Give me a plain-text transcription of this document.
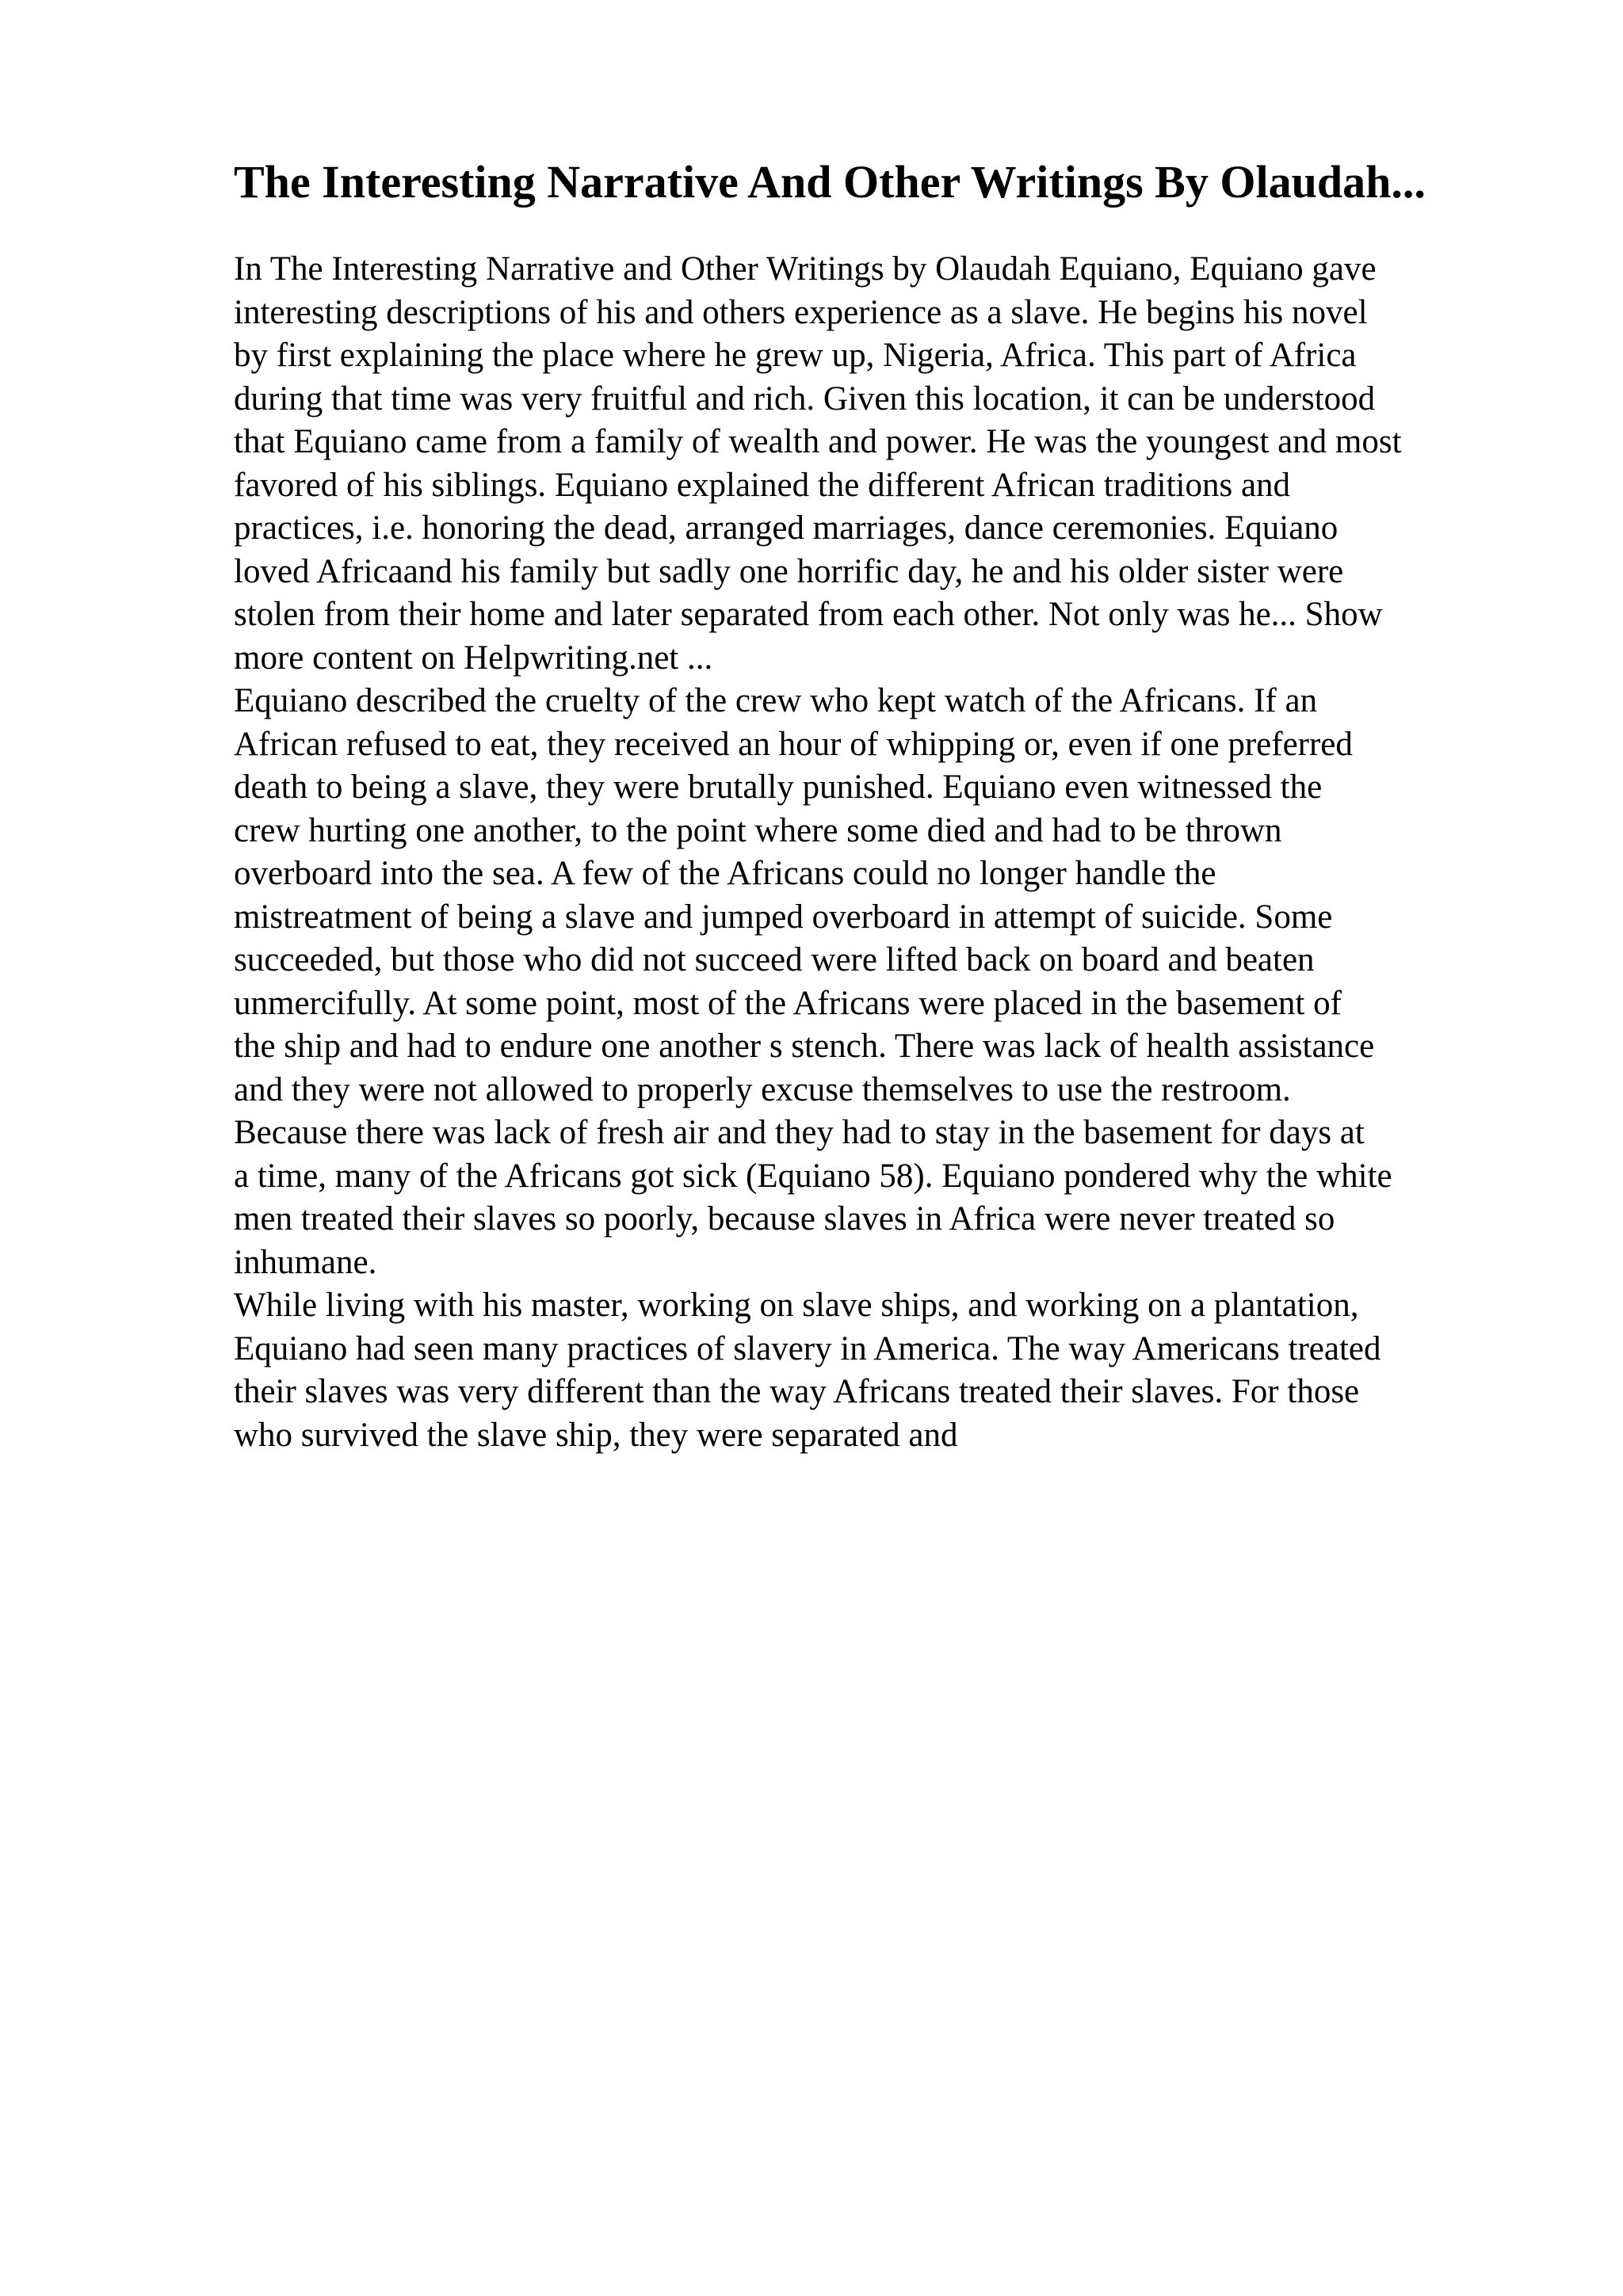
The Interesting Narrative And Other Writings By Olaudah...

In The Interesting Narrative and Other Writings by Olaudah Equiano, Equiano gave
interesting descriptions of his and others experience as a slave. He begins his novel
by first explaining the place where he grew up, Nigeria, Africa. This part of Africa
during that time was very fruitful and rich. Given this location, it can be understood
that Equiano came from a family of wealth and power. He was the youngest and most
favored of his siblings. Equiano explained the different African traditions and
practices, i.e. honoring the dead, arranged marriages, dance ceremonies. Equiano
loved Africaand his family but sadly one horrific day, he and his older sister were
stolen from their home and later separated from each other. Not only was he... Show
more content on Helpwriting.net ...

Equiano described the cruelty of the crew who kept watch of the Africans. If an
African refused to eat, they received an hour of whipping or, even if one preferred
death to being a slave, they were brutally punished. Equiano even witnessed the
crew hurting one another, to the point where some died and had to be thrown
overboard into the sea. A few of the Africans could no longer handle the
mistreatment of being a slave and jumped overboard in attempt of suicide. Some
succeeded, but those who did not succeed were lifted back on board and beaten
unmercifully. At some point, most of the Africans were placed in the basement of
the ship and had to endure one another s stench. There was lack of health assistance
and they were not allowed to properly excuse themselves to use the restroom.
Because there was lack of fresh air and they had to stay in the basement for days at
a time, many of the Africans got sick (Equiano 58). Equiano pondered why the white
men treated their slaves so poorly, because slaves in Africa were never treated so
inhumane.

While living with his master, working on slave ships, and working on a plantation,
Equiano had seen many practices of slavery in America. The way Americans treated
their slaves was very different than the way Africans treated their slaves. For those
who survived the slave ship, they were separated and
